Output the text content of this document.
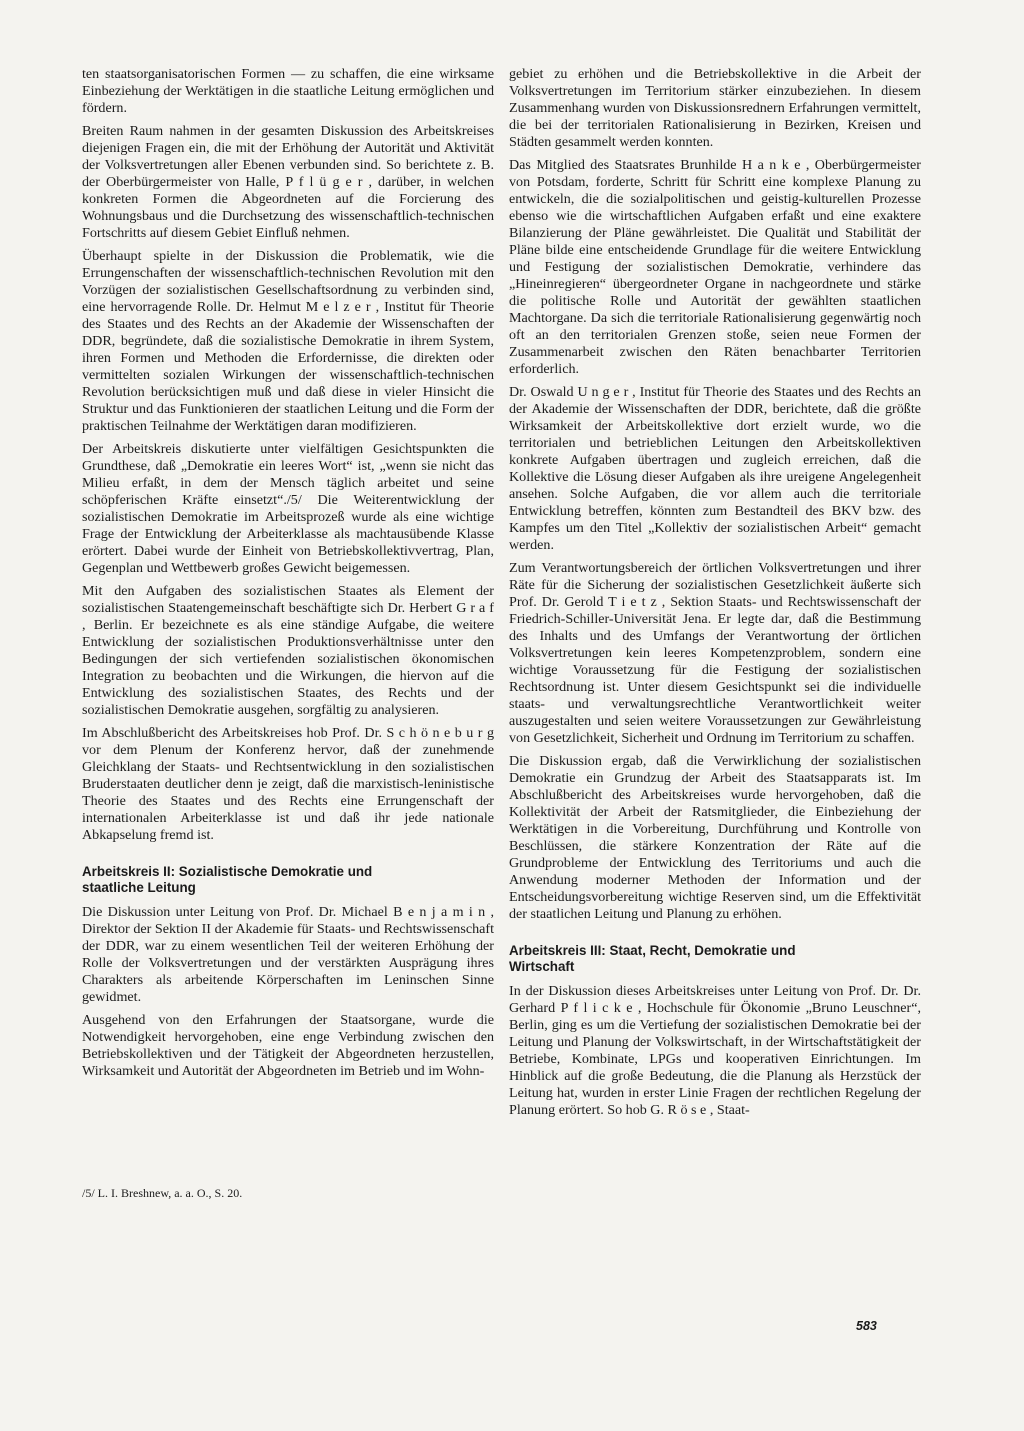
ten staatsorganisatorischen Formen — zu schaffen, die eine wirksame Einbeziehung der Werktätigen in die staatliche Leitung ermöglichen und fördern.

Breiten Raum nahmen in der gesamten Diskussion des Arbeitskreises diejenigen Fragen ein, die mit der Erhöhung der Autorität und Aktivität der Volksvertretungen aller Ebenen verbunden sind. So berichtete z. B. der Oberbürgermeister von Halle, P f l ü g e r , darüber, in welchen konkreten Formen die Abgeordneten auf die Forcierung des Wohnungsbaus und die Durchsetzung des wissenschaftlich-technischen Fortschritts auf diesem Gebiet Einfluß nehmen.

Überhaupt spielte in der Diskussion die Problematik, wie die Errungenschaften der wissenschaftlich-technischen Revolution mit den Vorzügen der sozialistischen Gesellschaftsordnung zu verbinden sind, eine hervorragende Rolle. Dr. Helmut M e l z e r , Institut für Theorie des Staates und des Rechts an der Akademie der Wissenschaften der DDR, begründete, daß die sozialistische Demokratie in ihrem System, ihren Formen und Methoden die Erfordernisse, die direkten oder vermittelten sozialen Wirkungen der wissenschaftlich-technischen Revolution berücksichtigen muß und daß diese in vieler Hinsicht die Struktur und das Funktionieren der staatlichen Leitung und die Form der praktischen Teilnahme der Werktätigen daran modifizieren.

Der Arbeitskreis diskutierte unter vielfältigen Gesichtspunkten die Grundthese, daß „Demokratie ein leeres Wort“ ist, „wenn sie nicht das Milieu erfaßt, in dem der Mensch täglich arbeitet und seine schöpferischen Kräfte einsetzt“./5/ Die Weiterentwicklung der sozialistischen Demokratie im Arbeitsprozeß wurde als eine wichtige Frage der Entwicklung der Arbeiterklasse als machtausübende Klasse erörtert. Dabei wurde der Einheit von Betriebskollektivvertrag, Plan, Gegenplan und Wettbewerb großes Gewicht beigemessen.

Mit den Aufgaben des sozialistischen Staates als Element der sozialistischen Staatengemeinschaft beschäftigte sich Dr. Herbert G r a f , Berlin. Er bezeichnete es als eine ständige Aufgabe, die weitere Entwicklung der sozialistischen Produktionsverhältnisse unter den Bedingungen der sich vertiefenden sozialistischen ökonomischen Integration zu beobachten und die Wirkungen, die hiervon auf die Entwicklung des sozialistischen Staates, des Rechts und der sozialistischen Demokratie ausgehen, sorgfältig zu analysieren.

Im Abschlußbericht des Arbeitskreises hob Prof. Dr. S c h ö n e b u r g vor dem Plenum der Konferenz hervor, daß der zunehmende Gleichklang der Staats- und Rechtsentwicklung in den sozialistischen Bruderstaaten deutlicher denn je zeigt, daß die marxistisch-leninistische Theorie des Staates und des Rechts eine Errungenschaft der internationalen Arbeiterklasse ist und daß ihr jede nationale Abkapselung fremd ist.

Arbeitskreis II: Sozialistische Demokratie und staatliche Leitung

Die Diskussion unter Leitung von Prof. Dr. Michael B e n j a m i n , Direktor der Sektion II der Akademie für Staats- und Rechtswissenschaft der DDR, war zu einem wesentlichen Teil der weiteren Erhöhung der Rolle der Volksvertretungen und der verstärkten Ausprägung ihres Charakters als arbeitende Körperschaften im Leninschen Sinne gewidmet.

Ausgehend von den Erfahrungen der Staatsorgane, wurde die Notwendigkeit hervorgehoben, eine enge Verbindung zwischen den Betriebskollektiven und der Tätigkeit der Abgeordneten herzustellen, Wirksamkeit und Autorität der Abgeordneten im Betrieb und im Wohn-

gebiet zu erhöhen und die Betriebskollektive in die Arbeit der Volksvertretungen im Territorium stärker einzubeziehen. In diesem Zusammenhang wurden von Diskussionsrednern Erfahrungen vermittelt, die bei der territorialen Rationalisierung in Bezirken, Kreisen und Städten gesammelt werden konnten.

Das Mitglied des Staatsrates Brunhilde H a n k e , Oberbürgermeister von Potsdam, forderte, Schritt für Schritt eine komplexe Planung zu entwickeln, die die sozialpolitischen und geistig-kulturellen Prozesse ebenso wie die wirtschaftlichen Aufgaben erfaßt und eine exaktere Bilanzierung der Pläne gewährleistet. Die Qualität und Stabilität der Pläne bilde eine entscheidende Grundlage für die weitere Entwicklung und Festigung der sozialistischen Demokratie, verhindere das „Hineinregieren“ übergeordneter Organe in nachgeordnete und stärke die politische Rolle und Autorität der gewählten staatlichen Machtorgane. Da sich die territoriale Rationalisierung gegenwärtig noch oft an den territorialen Grenzen stoße, seien neue Formen der Zusammenarbeit zwischen den Räten benachbarter Territorien erforderlich.

Dr. Oswald U n g e r , Institut für Theorie des Staates und des Rechts an der Akademie der Wissenschaften der DDR, berichtete, daß die größte Wirksamkeit der Arbeitskollektive dort erzielt wurde, wo die territorialen und betrieblichen Leitungen den Arbeitskollektiven konkrete Aufgaben übertragen und zugleich erreichen, daß die Kollektive die Lösung dieser Aufgaben als ihre ureigene Angelegenheit ansehen. Solche Aufgaben, die vor allem auch die territoriale Entwicklung betreffen, könnten zum Bestandteil des BKV bzw. des Kampfes um den Titel „Kollektiv der sozialistischen Arbeit“ gemacht werden.

Zum Verantwortungsbereich der örtlichen Volksvertretungen und ihrer Räte für die Sicherung der sozialistischen Gesetzlichkeit äußerte sich Prof. Dr. Gerold T i e t z , Sektion Staats- und Rechtswissenschaft der Friedrich-Schiller-Universität Jena. Er legte dar, daß die Bestimmung des Inhalts und des Umfangs der Verantwortung der örtlichen Volksvertretungen kein leeres Kompetenzproblem, sondern eine wichtige Voraussetzung für die Festigung der sozialistischen Rechtsordnung ist. Unter diesem Gesichtspunkt sei die individuelle staats- und verwaltungsrechtliche Verantwortlichkeit weiter auszugestalten und seien weitere Voraussetzungen zur Gewährleistung von Gesetzlichkeit, Sicherheit und Ordnung im Territorium zu schaffen.

Die Diskussion ergab, daß die Verwirklichung der sozialistischen Demokratie ein Grundzug der Arbeit des Staatsapparats ist. Im Abschlußbericht des Arbeitskreises wurde hervorgehoben, daß die Kollektivität der Arbeit der Ratsmitglieder, die Einbeziehung der Werktätigen in die Vorbereitung, Durchführung und Kontrolle von Beschlüssen, die stärkere Konzentration der Räte auf die Grundprobleme der Entwicklung des Territoriums und auch die Anwendung moderner Methoden der Information und der Entscheidungsvorbereitung wichtige Reserven sind, um die Effektivität der staatlichen Leitung und Planung zu erhöhen.

Arbeitskreis III: Staat, Recht, Demokratie und Wirtschaft

In der Diskussion dieses Arbeitskreises unter Leitung von Prof. Dr. Dr. Gerhard P f l i c k e , Hochschule für Ökonomie „Bruno Leuschner“, Berlin, ging es um die Vertiefung der sozialistischen Demokratie bei der Leitung und Planung der Volkswirtschaft, in der Wirtschaftstätigkeit der Betriebe, Kombinate, LPGs und kooperativen Einrichtungen. Im Hinblick auf die große Bedeutung, die die Planung als Herzstück der Leitung hat, wurden in erster Linie Fragen der rechtlichen Regelung der Planung erörtert. So hob G. R ö s e , Staat-

/5/ L. I. Breshnew, a. a. O., S. 20.
583
